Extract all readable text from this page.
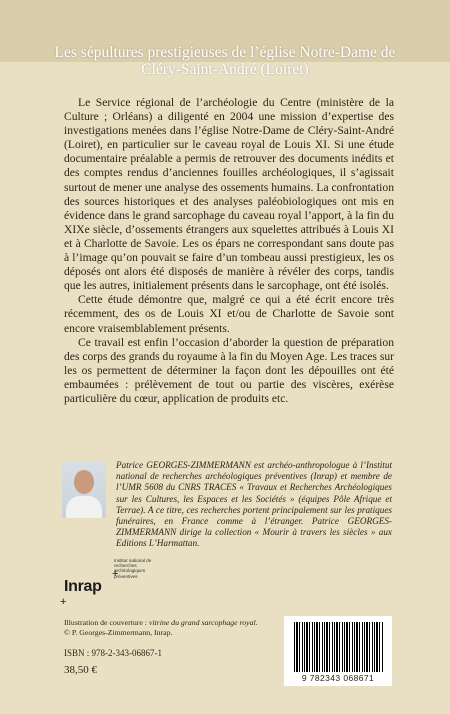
Les sépultures prestigieuses de l’église Notre-Dame de
Cléry-Saint-André (Loiret)

Le Service régional de l’archéologie du Centre (ministère de la Culture ; Orléans) a diligenté en 2004 une mission d’expertise des investigations menées dans l’église Notre-Dame de Cléry-Saint-André (Loiret), en particulier sur le caveau royal de Louis XI. Si une étude documentaire préalable a permis de retrouver des documents inédits et des comptes rendus d’anciennes fouilles archéologiques, il s’agissait surtout de mener une analyse des ossements humains. La confrontation des sources historiques et des analyses paléobiologiques ont mis en évidence dans le grand sarcophage du caveau royal l’apport, à la fin du XIXe siècle, d’ossements étrangers aux squelettes attribués à Louis XI et à Charlotte de Savoie. Les os épars ne correspondant sans doute pas à l’image qu’on pouvait se faire d’un tombeau aussi prestigieux, les os déposés ont alors été disposés de manière à révéler des corps, tandis que les autres, initialement présents dans le sarcophage, ont été isolés.

Cette étude démontre que, malgré ce qui a été écrit encore très récemment, des os de Louis XI et/ou de Charlotte de Savoie sont encore vraisemblablement présents.

Ce travail est enfin l’occasion d’aborder la question de préparation des corps des grands du royaume à la fin du Moyen Age. Les traces sur les os permettent de déterminer la façon dont les dépouilles ont été embaumées : prélèvement de tout ou partie des viscères, exérèse particulière du cœur, application de produits etc.

Patrice GEORGES-ZIMMERMANN est archéo-anthropologue à l’Institut national de recherches archéologiques préventives (Inrap) et membre de l’UMR 5608 du CNRS TRACES « Travaux et Recherches Archéologiques sur les Cultures, les Espaces et les Sociétés » (équipes Pôle Afrique et Terrae). A ce titre, ces recherches portent principalement sur les pratiques funéraires, en France comme à l’étranger. Patrice GEORGES-ZIMMERMANN dirige la collection « Mourir à travers les siècles » aux Editions L’Harmattan.
+
Inrap
+
Institut national de recherches archéologiques préventives
Illustration de couverture : vitrine du grand sarcophage royal.
© P. Georges-Zimmermann, Inrap.
ISBN : 978-2-343-06867-1
38,50 €
9 782343 068671
